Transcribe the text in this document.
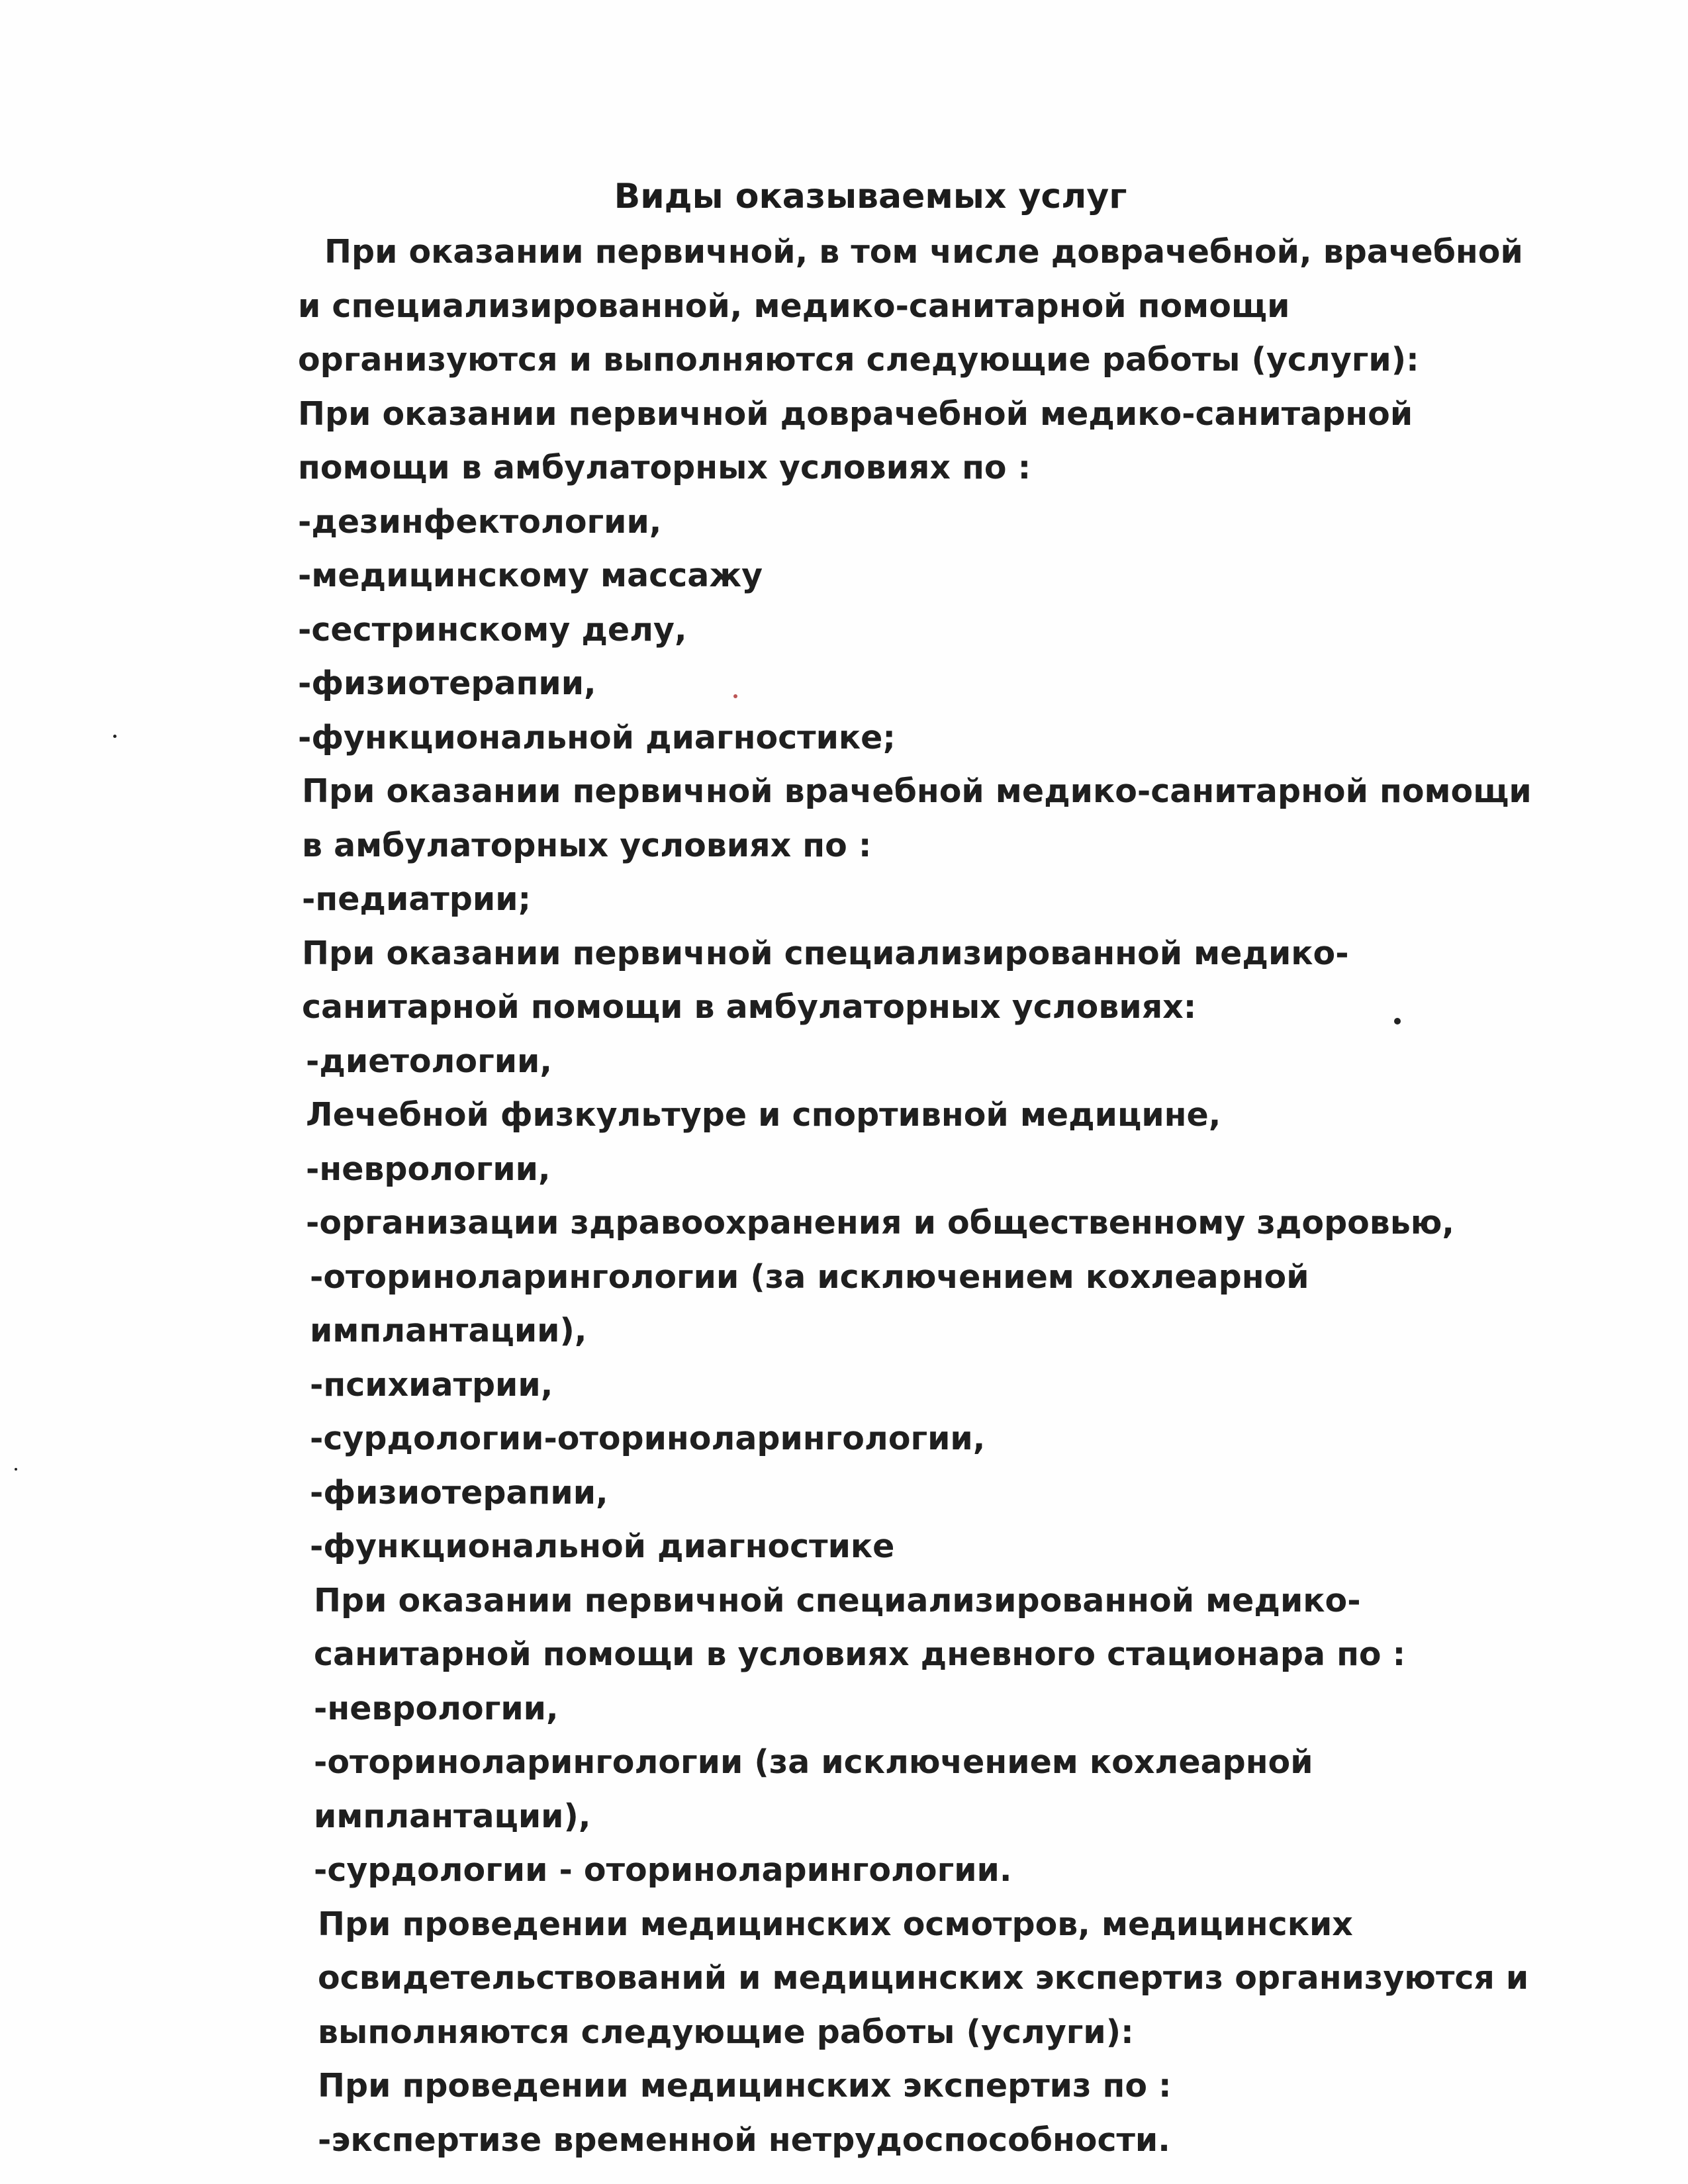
Виды оказываемых услуг
При оказании первичной, в том числе доврачебной, врачебной
и специализированной, медико-санитарной помощи
организуются и выполняются следующие работы (услуги):
При оказании первичной доврачебной медико-санитарной
помощи в амбулаторных условиях по :
-дезинфектологии,
-медицинскому массажу
-сестринскому делу,
-физиотерапии,
-функциональной диагностике;
При оказании первичной врачебной медико-санитарной помощи
в амбулаторных условиях по :
-педиатрии;
При оказании первичной специализированной медико-
санитарной помощи в амбулаторных условиях:
-диетологии,
Лечебной физкультуре и спортивной медицине,
-неврологии,
-организации здравоохранения и общественному здоровью,
-оториноларингологии (за исключением кохлеарной
имплантации),
-психиатрии,
-сурдологии-оториноларингологии,
-физиотерапии,
-функциональной диагностике
При оказании первичной специализированной медико-
санитарной помощи в условиях дневного стационара по :
-неврологии,
-оториноларингологии (за исключением кохлеарной
имплантации),
-сурдологии - оториноларингологии.
При проведении медицинских осмотров, медицинских
освидетельствований и медицинских экспертиз организуются и
выполняются следующие работы (услуги):
При проведении медицинских экспертиз по :
-экспертизе временной нетрудоспособности.
